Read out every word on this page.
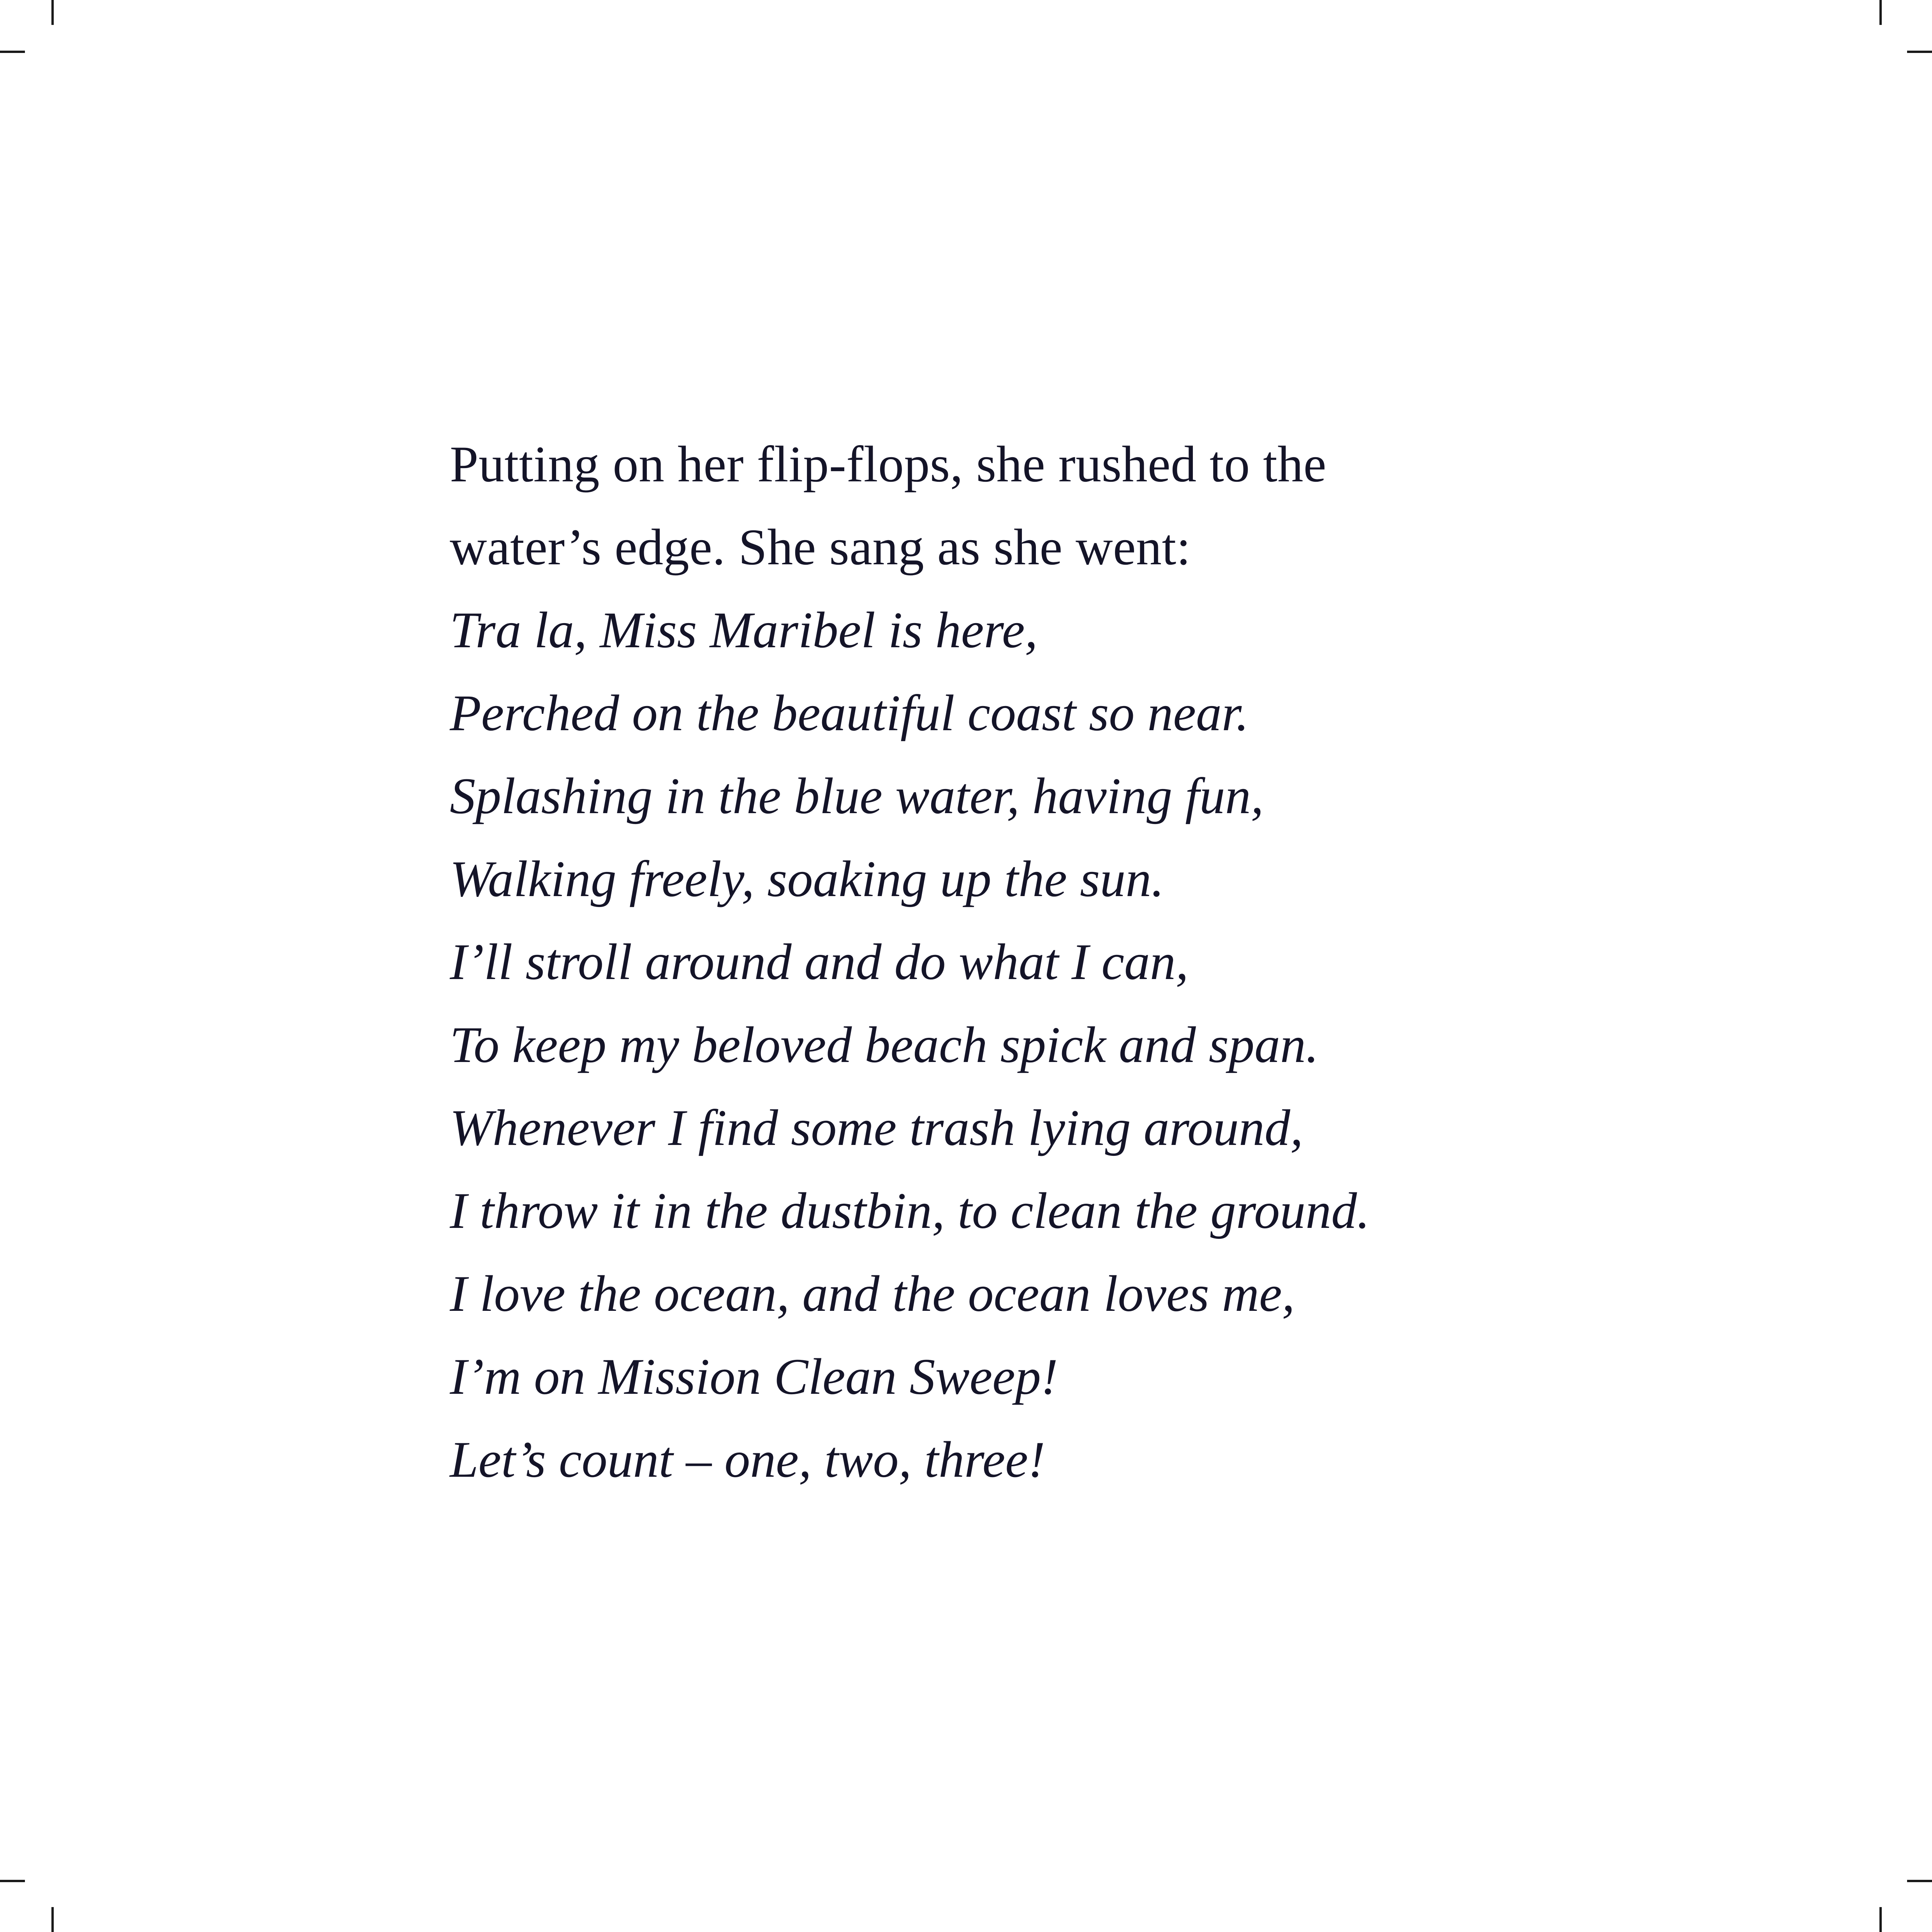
Putting on her flip-flops, she rushed to the

water’s edge. She sang as she went:

Tra la, Miss Maribel is here,

Perched on the beautiful coast so near.

Splashing in the blue water, having fun,

Walking freely, soaking up the sun.

I’ll stroll around and do what I can,

To keep my beloved beach spick and span.

Whenever I find some trash lying around,

I throw it in the dustbin, to clean the ground.

I love the ocean, and the ocean loves me,

I’m on Mission Clean Sweep!

Let’s count – one, two, three!
